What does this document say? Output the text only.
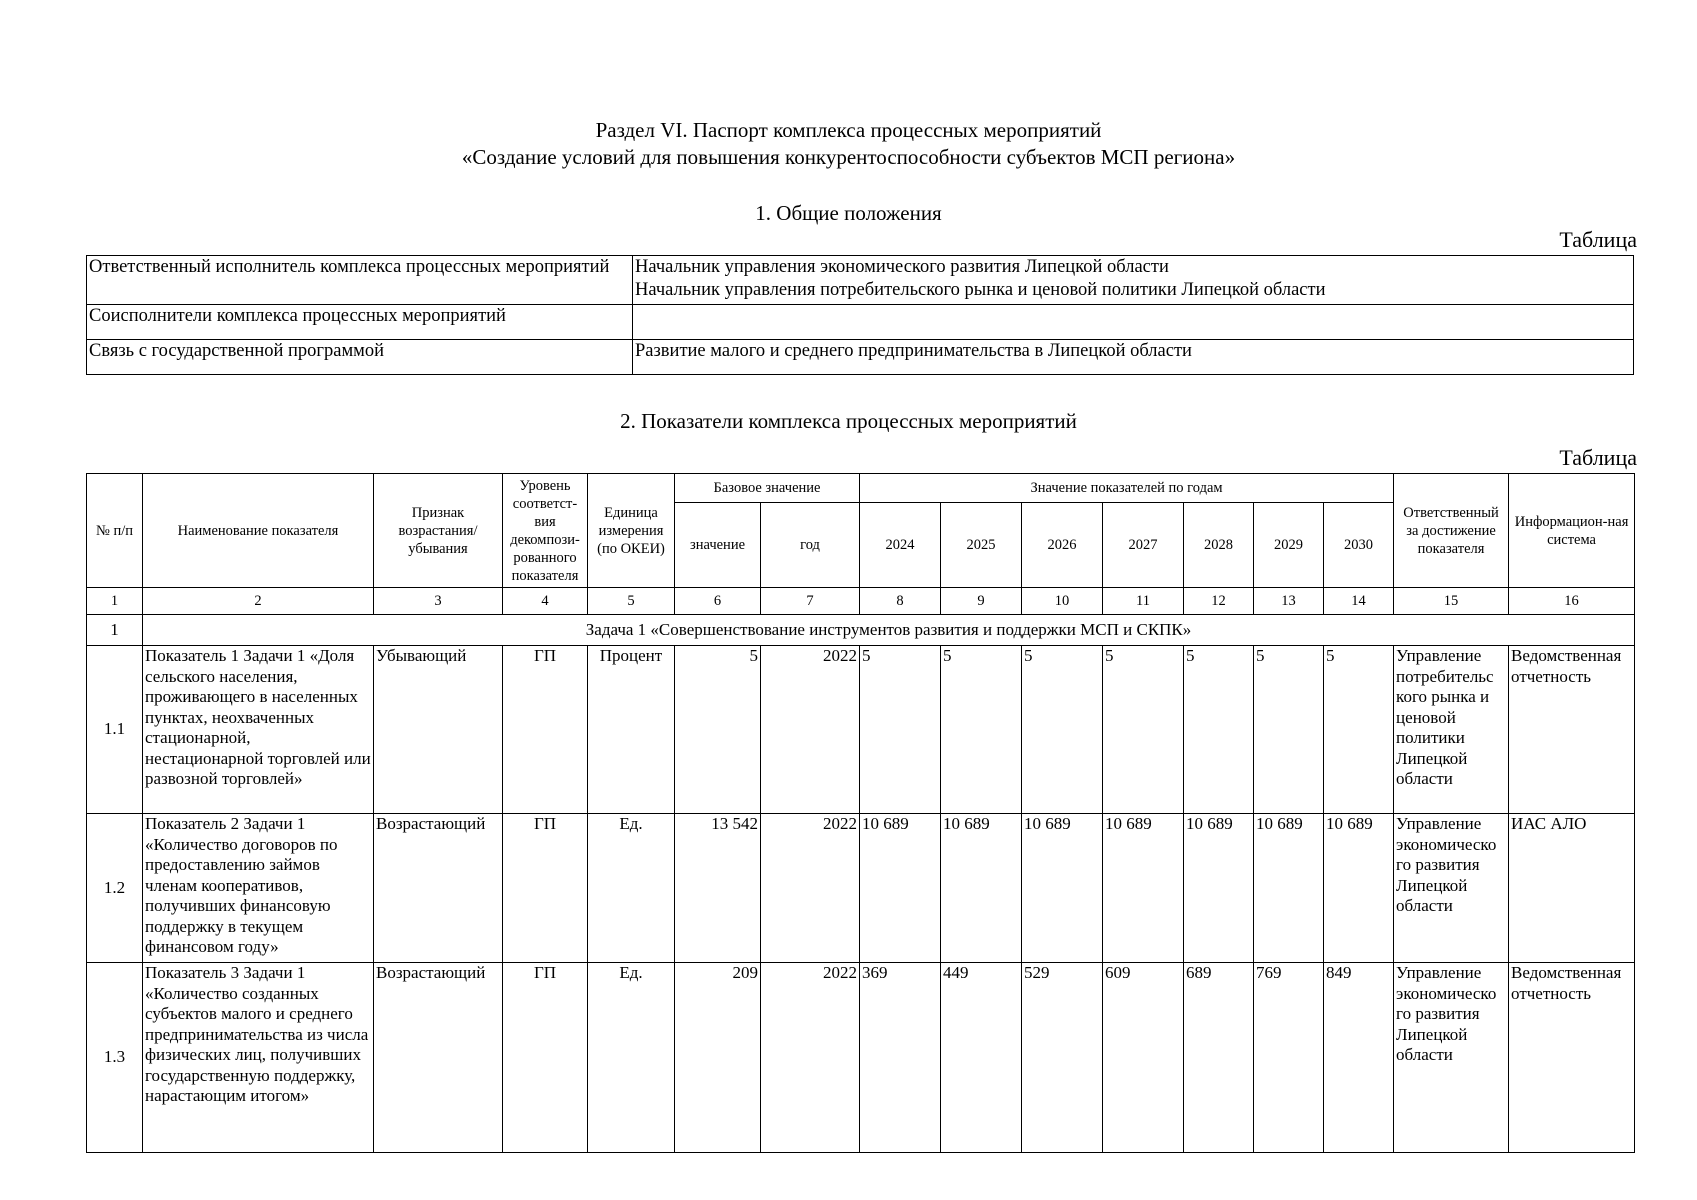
Раздел VI. Паспорт комплекса процессных мероприятий
«Создание условий для повышения конкурентоспособности субъектов МСП региона»
1. Общие положения
Таблица
Ответственный исполнитель комплекса процессных мероприятий	Начальник управления экономического развития Липецкой области
Начальник управления потребительского рынка и ценовой политики Липецкой области

Соисполнители комплекса процессных мероприятий	
Связь с государственной программой	Развитие малого и среднего предпринимательства в Липецкой области
2. Показатели комплекса процессных мероприятий
Таблица
№ п/п	Наименование показателя	Признак возрастания/ убывания	Уровень соответст-вия декомпози-рованного показателя	Единица измерения (по ОКЕИ)	Базовое значение		Значение показателей по годам							Ответственный за достижение показателя	Информацион-ная система
					значение	год	2024	2025	2026	2027	2028	2029	2030		
1	2	3	4	5	6	7	8	9	10	11	12	13	14	15	16
1	Задача 1 «Совершенствование инструментов развития и поддержки МСП и СКПК»														
1.1	Показатель 1 Задачи 1 «Доля сельского населения, проживающего в населенных пунктах, неохваченных стационарной, нестационарной торговлей или развозной торговлей»	Убывающий	ГП	Процент	5	2022	5	5	5	5	5	5	5	Управление потребительс кого рынка и ценовой политики Липецкой области	Ведомственная отчетность
1.2	Показатель 2 Задачи 1 «Количество договоров по предоставлению займов членам кооперативов, получивших финансовую поддержку в текущем финансовом году»	Возрастающий	ГП	Ед.	13 542	2022	10 689	10 689	10 689	10 689	10 689	10 689	10 689	Управление экономическо го развития Липецкой области	ИАС АЛО
1.3	Показатель 3 Задачи 1 «Количество созданных субъектов малого и среднего предпринимательства из числа физических лиц, получивших государственную поддержку, нарастающим итогом»	Возрастающий	ГП	Ед.	209	2022	369	449	529	609	689	769	849	Управление экономическо го развития Липецкой области	Ведомственная отчетность
